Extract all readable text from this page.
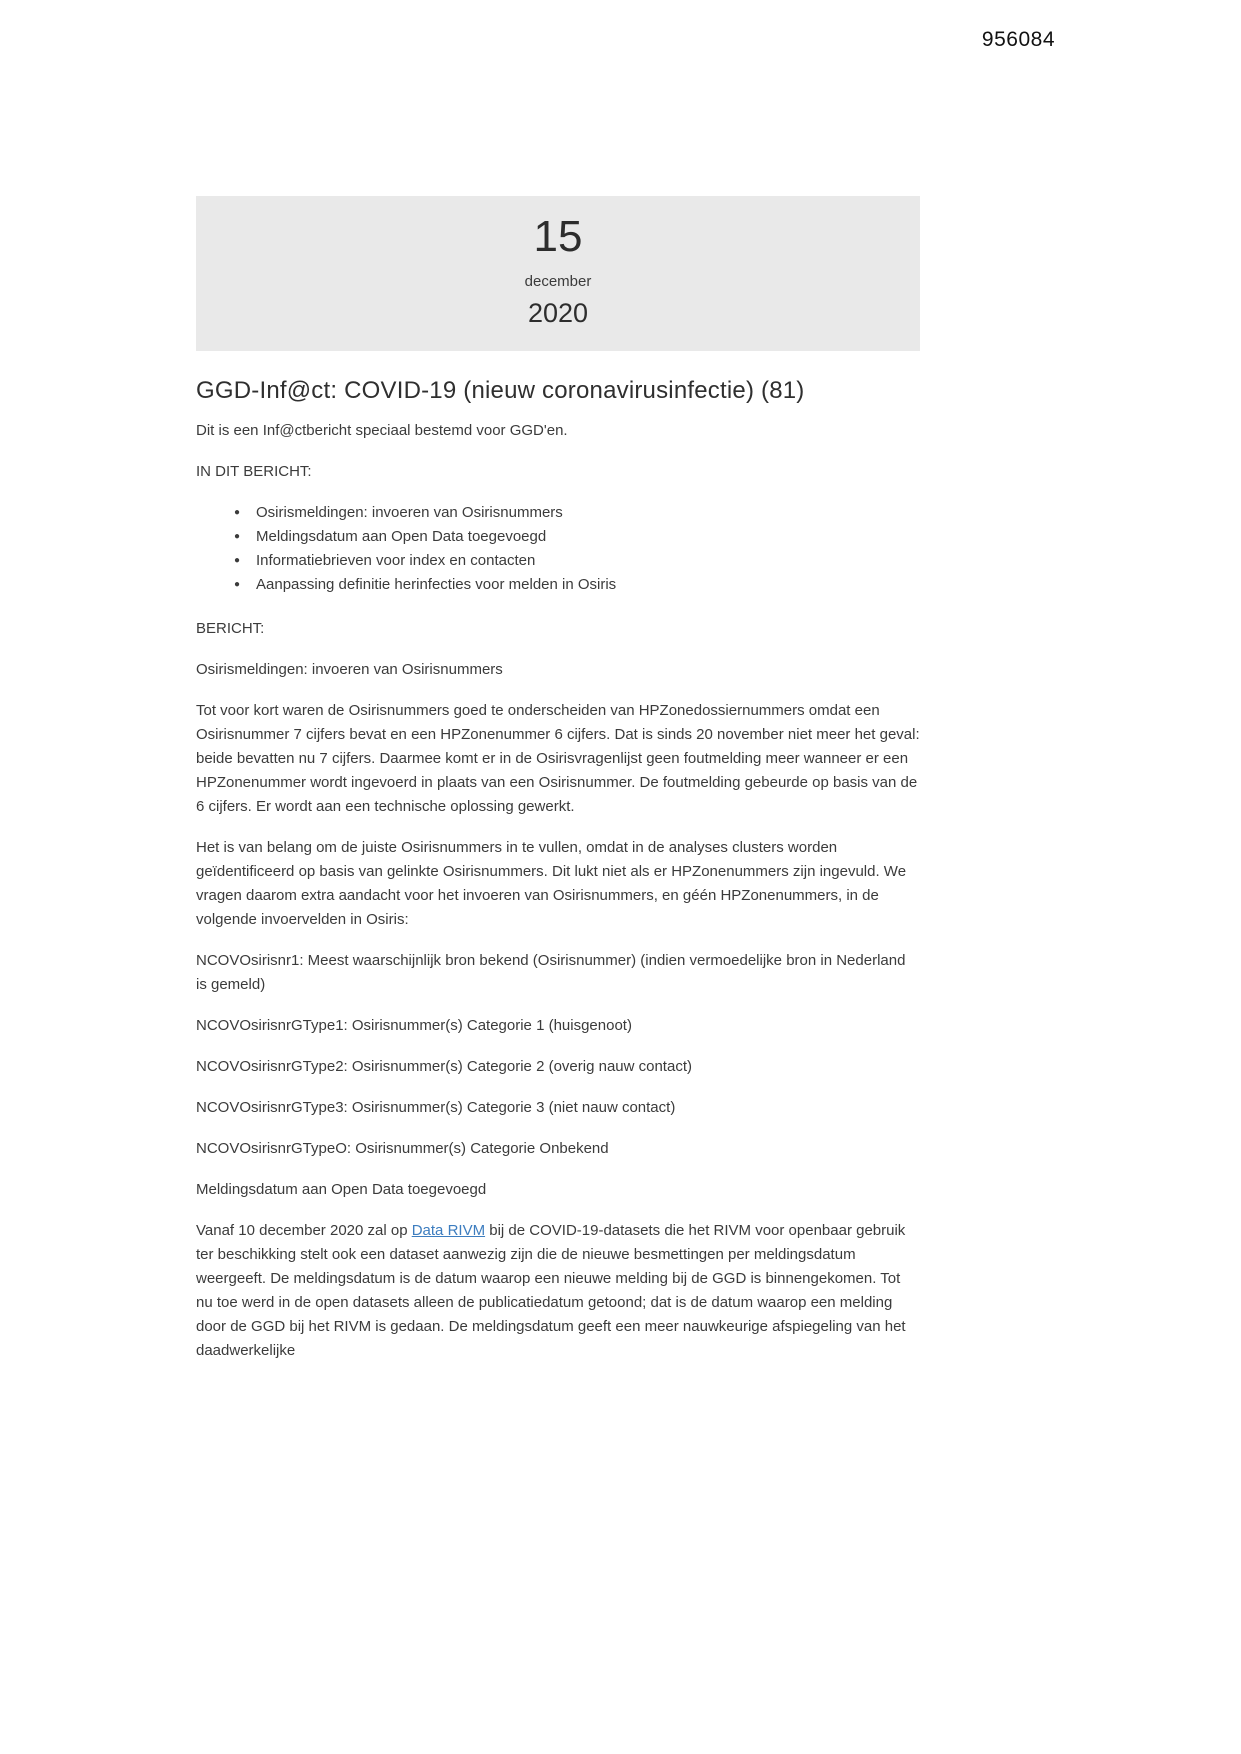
956084
15
december
2020
GGD-Inf@ct: COVID-19 (nieuw coronavirusinfectie) (81)

Dit is een Inf@ctbericht speciaal bestemd voor GGD'en.

IN DIT BERICHT:

● Osirismeldingen: invoeren van Osirisnummers
● Meldingsdatum aan Open Data toegevoegd
● Informatiebrieven voor index en contacten
● Aanpassing definitie herinfecties voor melden in Osiris

BERICHT:

Osirismeldingen: invoeren van Osirisnummers

Tot voor kort waren de Osirisnummers goed te onderscheiden van HPZonedossiernummers omdat een Osirisnummer 7 cijfers bevat en een HPZonenummer 6 cijfers. Dat is sinds 20 november niet meer het geval: beide bevatten nu 7 cijfers. Daarmee komt er in de Osirisvragenlijst geen foutmelding meer wanneer er een HPZonenummer wordt ingevoerd in plaats van een Osirisnummer. De foutmelding gebeurde op basis van de 6 cijfers. Er wordt aan een technische oplossing gewerkt.

Het is van belang om de juiste Osirisnummers in te vullen, omdat in de analyses clusters worden geïdentificeerd op basis van gelinkte Osirisnummers. Dit lukt niet als er HPZonenummers zijn ingevuld. We vragen daarom extra aandacht voor het invoeren van Osirisnummers, en géén HPZonenummers, in de volgende invoervelden in Osiris:

NCOVOsirisnr1: Meest waarschijnlijk bron bekend (Osirisnummer) (indien vermoedelijke bron in Nederland is gemeld)

NCOVOsirisnrGType1: Osirisnummer(s) Categorie 1 (huisgenoot)

NCOVOsirisnrGType2: Osirisnummer(s) Categorie 2 (overig nauw contact)

NCOVOsirisnrGType3: Osirisnummer(s) Categorie 3 (niet nauw contact)

NCOVOsirisnrGTypeO: Osirisnummer(s) Categorie Onbekend

Meldingsdatum aan Open Data toegevoegd

Vanaf 10 december 2020 zal op Data RIVM bij de COVID-19-datasets die het RIVM voor openbaar gebruik ter beschikking stelt ook een dataset aanwezig zijn die de nieuwe besmettingen per meldingsdatum weergeeft. De meldingsdatum is de datum waarop een nieuwe melding bij de GGD is binnengekomen. Tot nu toe werd in de open datasets alleen de publicatiedatum getoond; dat is de datum waarop een melding door de GGD bij het RIVM is gedaan. De meldingsdatum geeft een meer nauwkeurige afspiegeling van het daadwerkelijke
